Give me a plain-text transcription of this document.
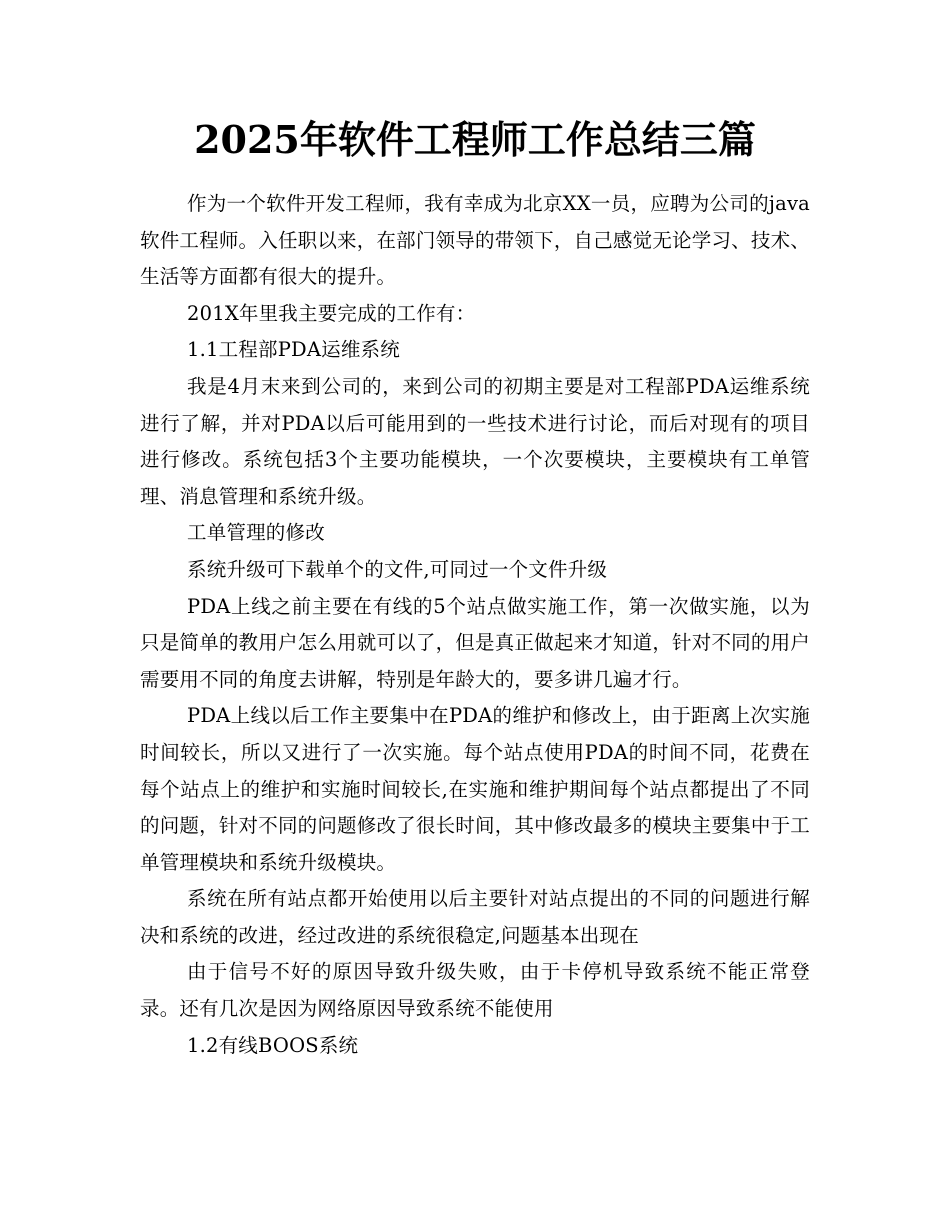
2025年软件工程师工作总结三篇

作为一个软件开发工程师，我有幸成为北京XX一员，应聘为公司的java软件工程师。入任职以来，在部门领导的带领下，自己感觉无论学习、技术、生活等方面都有很大的提升。

201X年里我主要完成的工作有：

1.1工程部PDA运维系统

我是4月末来到公司的，来到公司的初期主要是对工程部PDA运维系统进行了解，并对PDA以后可能用到的一些技术进行讨论，而后对现有的项目进行修改。系统包括3个主要功能模块，一个次要模块，主要模块有工单管理、消息管理和系统升级。

工单管理的修改

系统升级可下载单个的文件,可同过一个文件升级

PDA上线之前主要在有线的5个站点做实施工作，第一次做实施，以为只是简单的教用户怎么用就可以了，但是真正做起来才知道，针对不同的用户需要用不同的角度去讲解，特别是年龄大的，要多讲几遍才行。

PDA上线以后工作主要集中在PDA的维护和修改上，由于距离上次实施时间较长，所以又进行了一次实施。每个站点使用PDA的时间不同，花费在每个站点上的维护和实施时间较长,在实施和维护期间每个站点都提出了不同的问题，针对不同的问题修改了很长时间，其中修改最多的模块主要集中于工单管理模块和系统升级模块。

系统在所有站点都开始使用以后主要针对站点提出的不同的问题进行解决和系统的改进，经过改进的系统很稳定,问题基本出现在

由于信号不好的原因导致升级失败，由于卡停机导致系统不能正常登录。还有几次是因为网络原因导致系统不能使用

1.2有线BOOS系统
